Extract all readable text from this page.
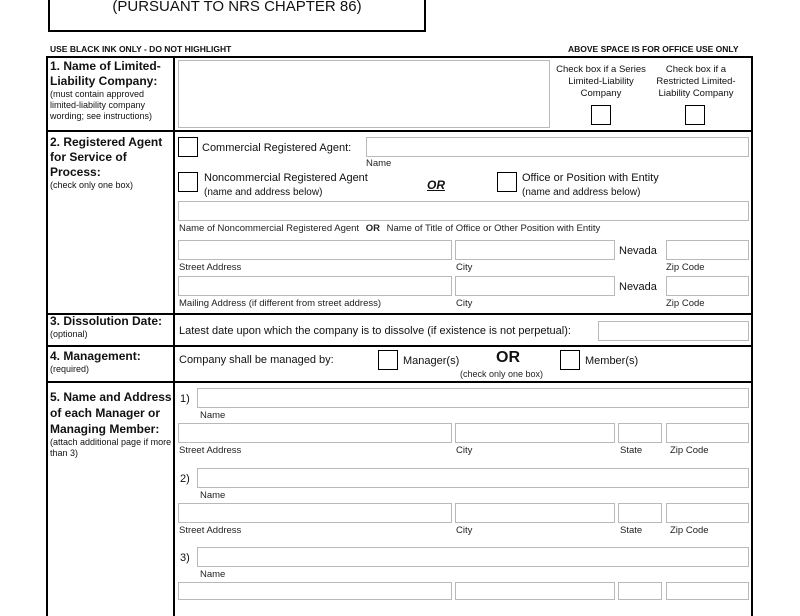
(PURSUANT TO NRS CHAPTER 86)
USE BLACK INK ONLY - DO NOT HIGHLIGHT	ABOVE SPACE IS FOR OFFICE USE ONLY
1. Name of Limited-Liability Company:
(must contain approved limited-liability company wording; see instructions)
Check box if a Series Limited-Liability Company
Check box if a Restricted Limited-Liability Company
2. Registered Agent for Service of Process:
(check only one box)
Commercial Registered Agent:
Name
Noncommercial Registered Agent
(name and address below)
OR	Office or Position with Entity
(name and address below)
Name of Noncommercial Registered Agent OR Name of Title of Office or Other Position with Entity
Nevada
Street Address	City	Zip Code
Nevada
Mailing Address (if different from street address)	City	Zip Code
3. Dissolution Date:
(optional)	Latest date upon which the company is to dissolve (if existence is not perpetual):
4. Management:
(required)
Company shall be managed by:	Manager(s) OR	Member(s)
(check only one box)
5. Name and Address of each Manager or Managing Member:
(attach additional page if more than 3)
1)
Name
Street Address	City	State	Zip Code
2)
Name
Street Address	City	State	Zip Code
3)
Name
